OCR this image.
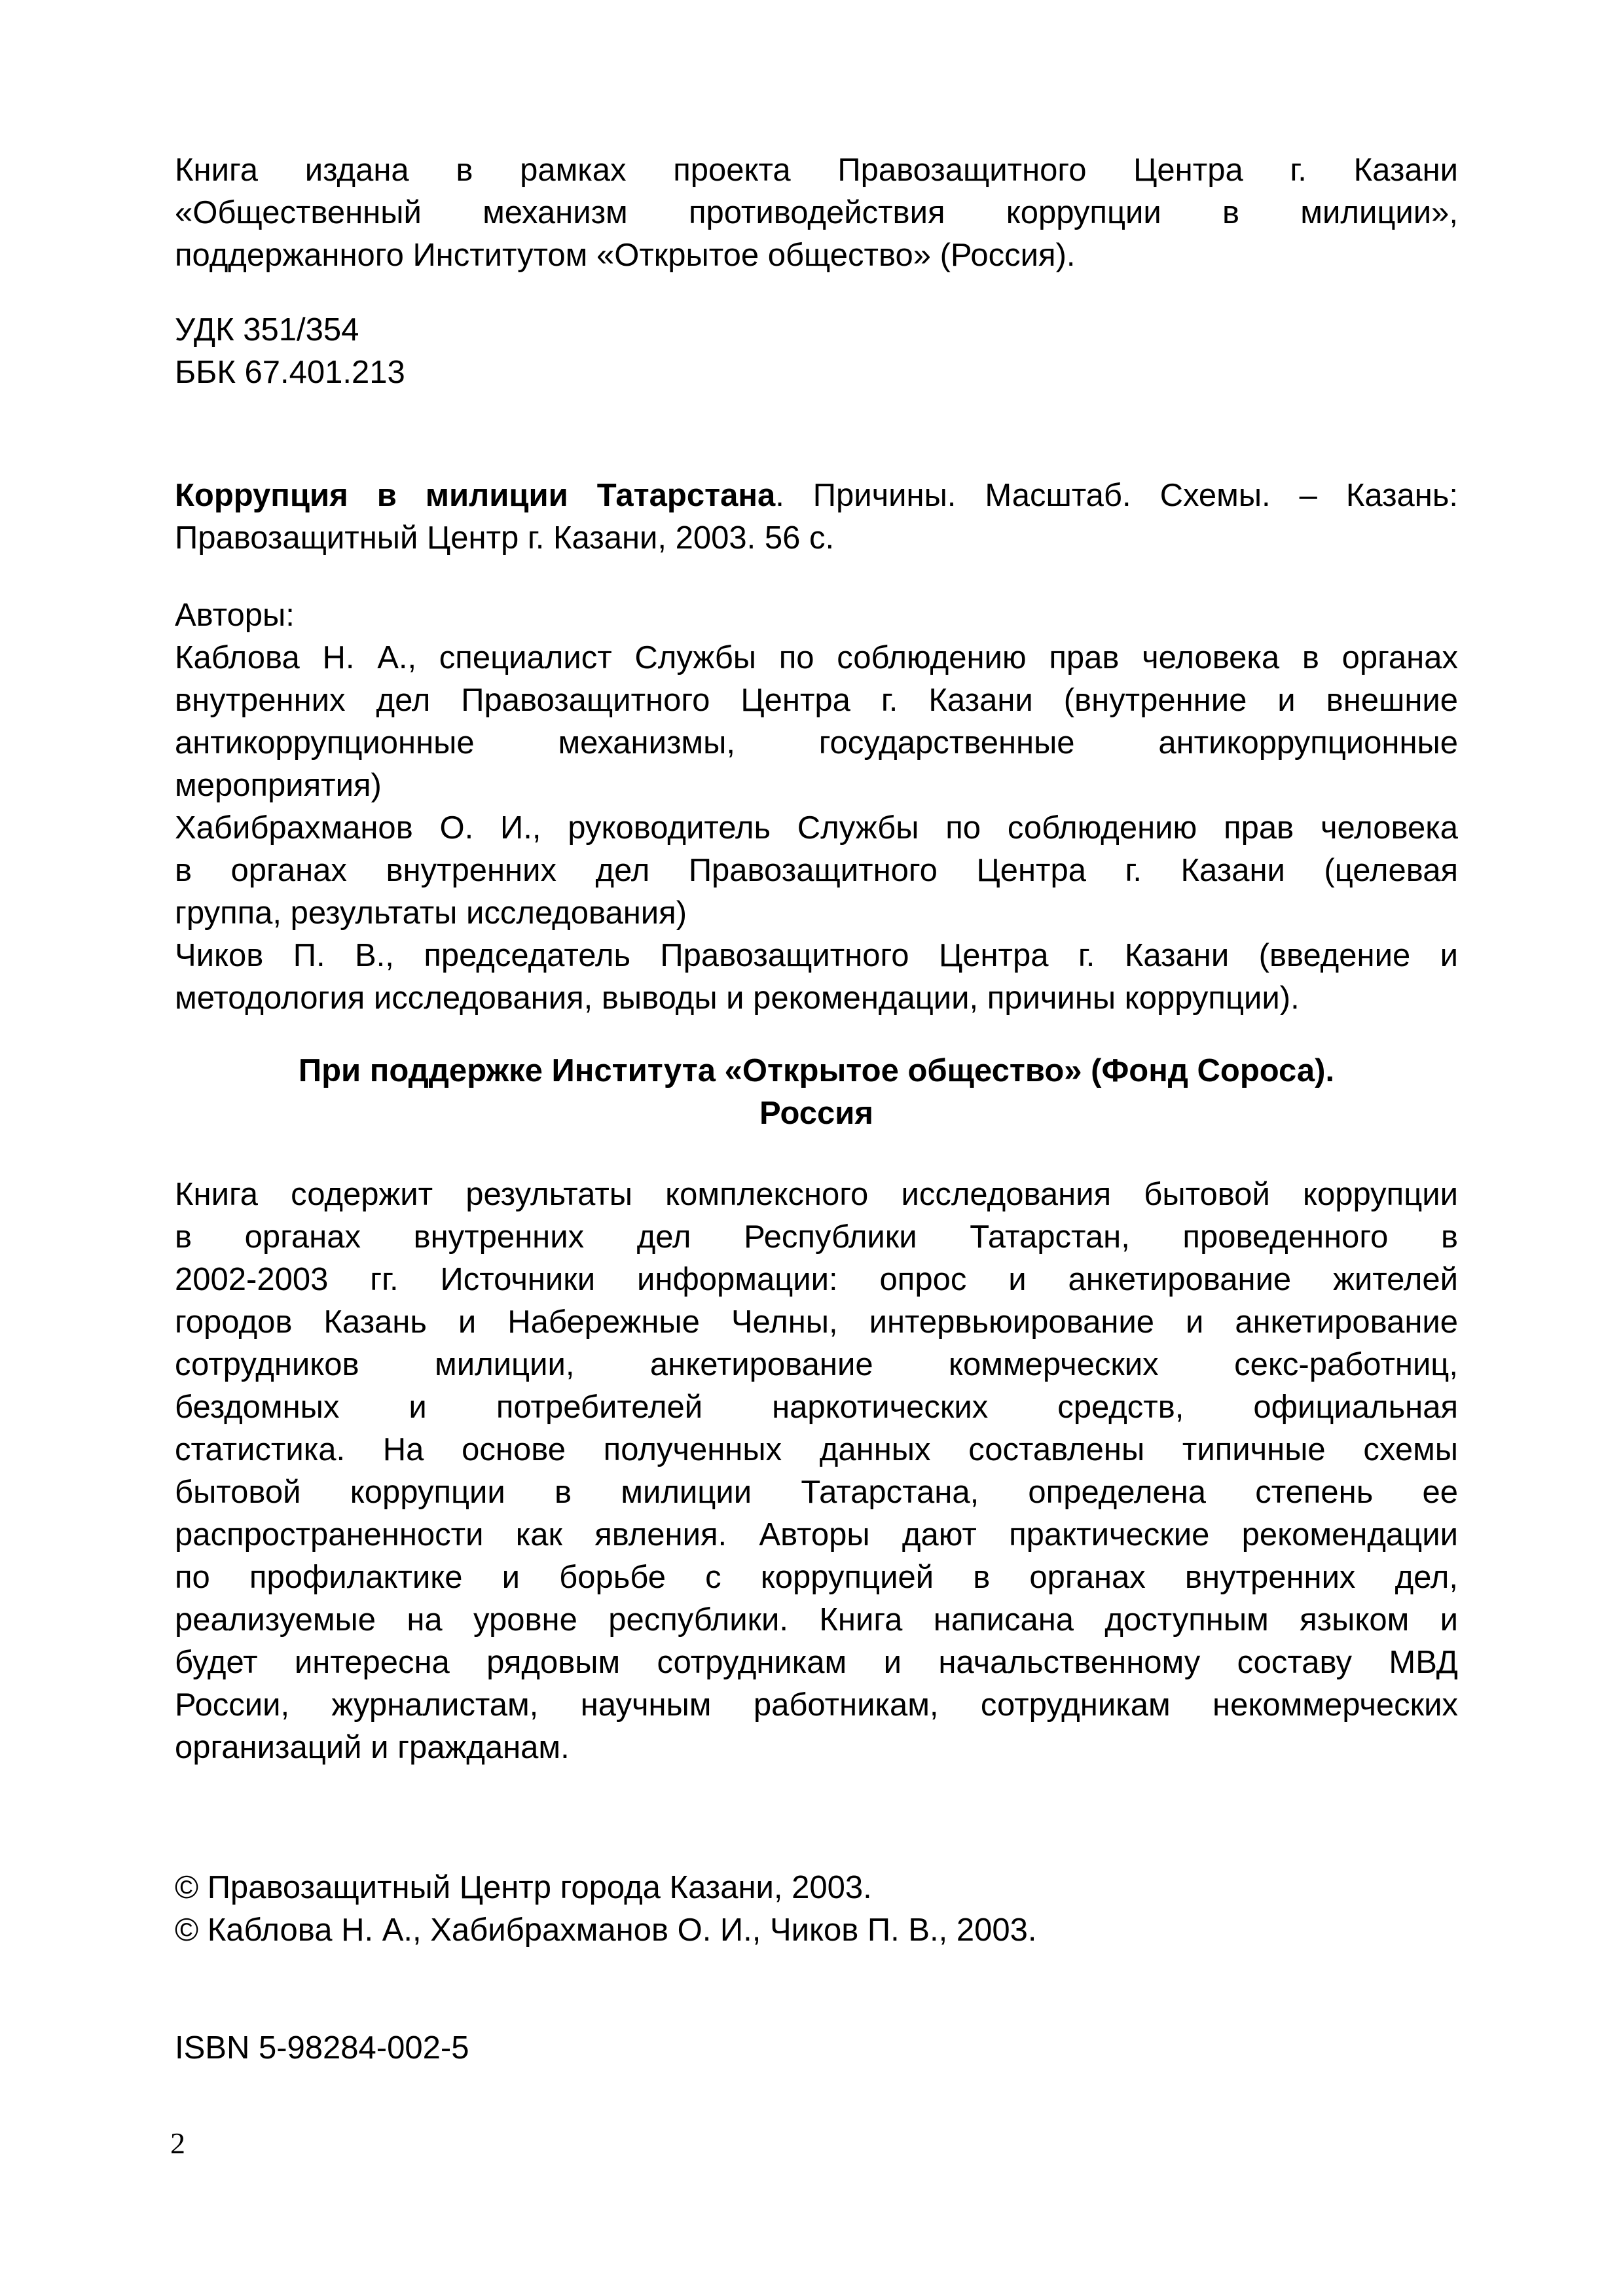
Книга издана в рамках проекта Правозащитного Центра г. Казани
«Общественный механизм противодействия коррупции в милиции»,
поддержанного Институтом «Открытое общество» (Россия).

УДК 351/354
ББК 67.401.213

Коррупция в милиции Татарстана. Причины. Масштаб. Схемы. – Казань:
Правозащитный Центр г. Казани, 2003. 56 с.

Авторы:
Каблова Н. А., специалист Службы по соблюдению прав человека в органах
внутренних дел Правозащитного Центра г. Казани (внутренние и внешние
антикоррупционные механизмы, государственные антикоррупционные
мероприятия)
Хабибрахманов О. И., руководитель Службы по соблюдению прав человека
в органах внутренних дел Правозащитного Центра г. Казани (целевая
группа, результаты исследования)
Чиков П. В., председатель Правозащитного Центра г. Казани (введение и
методология исследования, выводы и рекомендации, причины коррупции).

При поддержке Института «Открытое общество» (Фонд Сороса).
Россия

Книга содержит результаты комплексного исследования бытовой коррупции
в органах внутренних дел Республики Татарстан, проведенного в
2002-2003 гг. Источники информации: опрос и анкетирование жителей
городов Казань и Набережные Челны, интервьюирование и анкетирование
сотрудников милиции, анкетирование коммерческих секс-работниц,
бездомных и потребителей наркотических средств, официальная
статистика. На основе полученных данных составлены типичные схемы
бытовой коррупции в милиции Татарстана, определена степень ее
распространенности как явления. Авторы дают практические рекомендации
по профилактике и борьбе с коррупцией в органах внутренних дел,
реализуемые на уровне республики. Книга написана доступным языком и
будет интересна рядовым сотрудникам и начальственному составу МВД
России, журналистам, научным работникам, сотрудникам некоммерческих
организаций и гражданам.

© Правозащитный Центр города Казани, 2003.
© Каблова Н. А., Хабибрахманов О. И., Чиков П. В., 2003.

ISBN 5-98284-002-5

2
